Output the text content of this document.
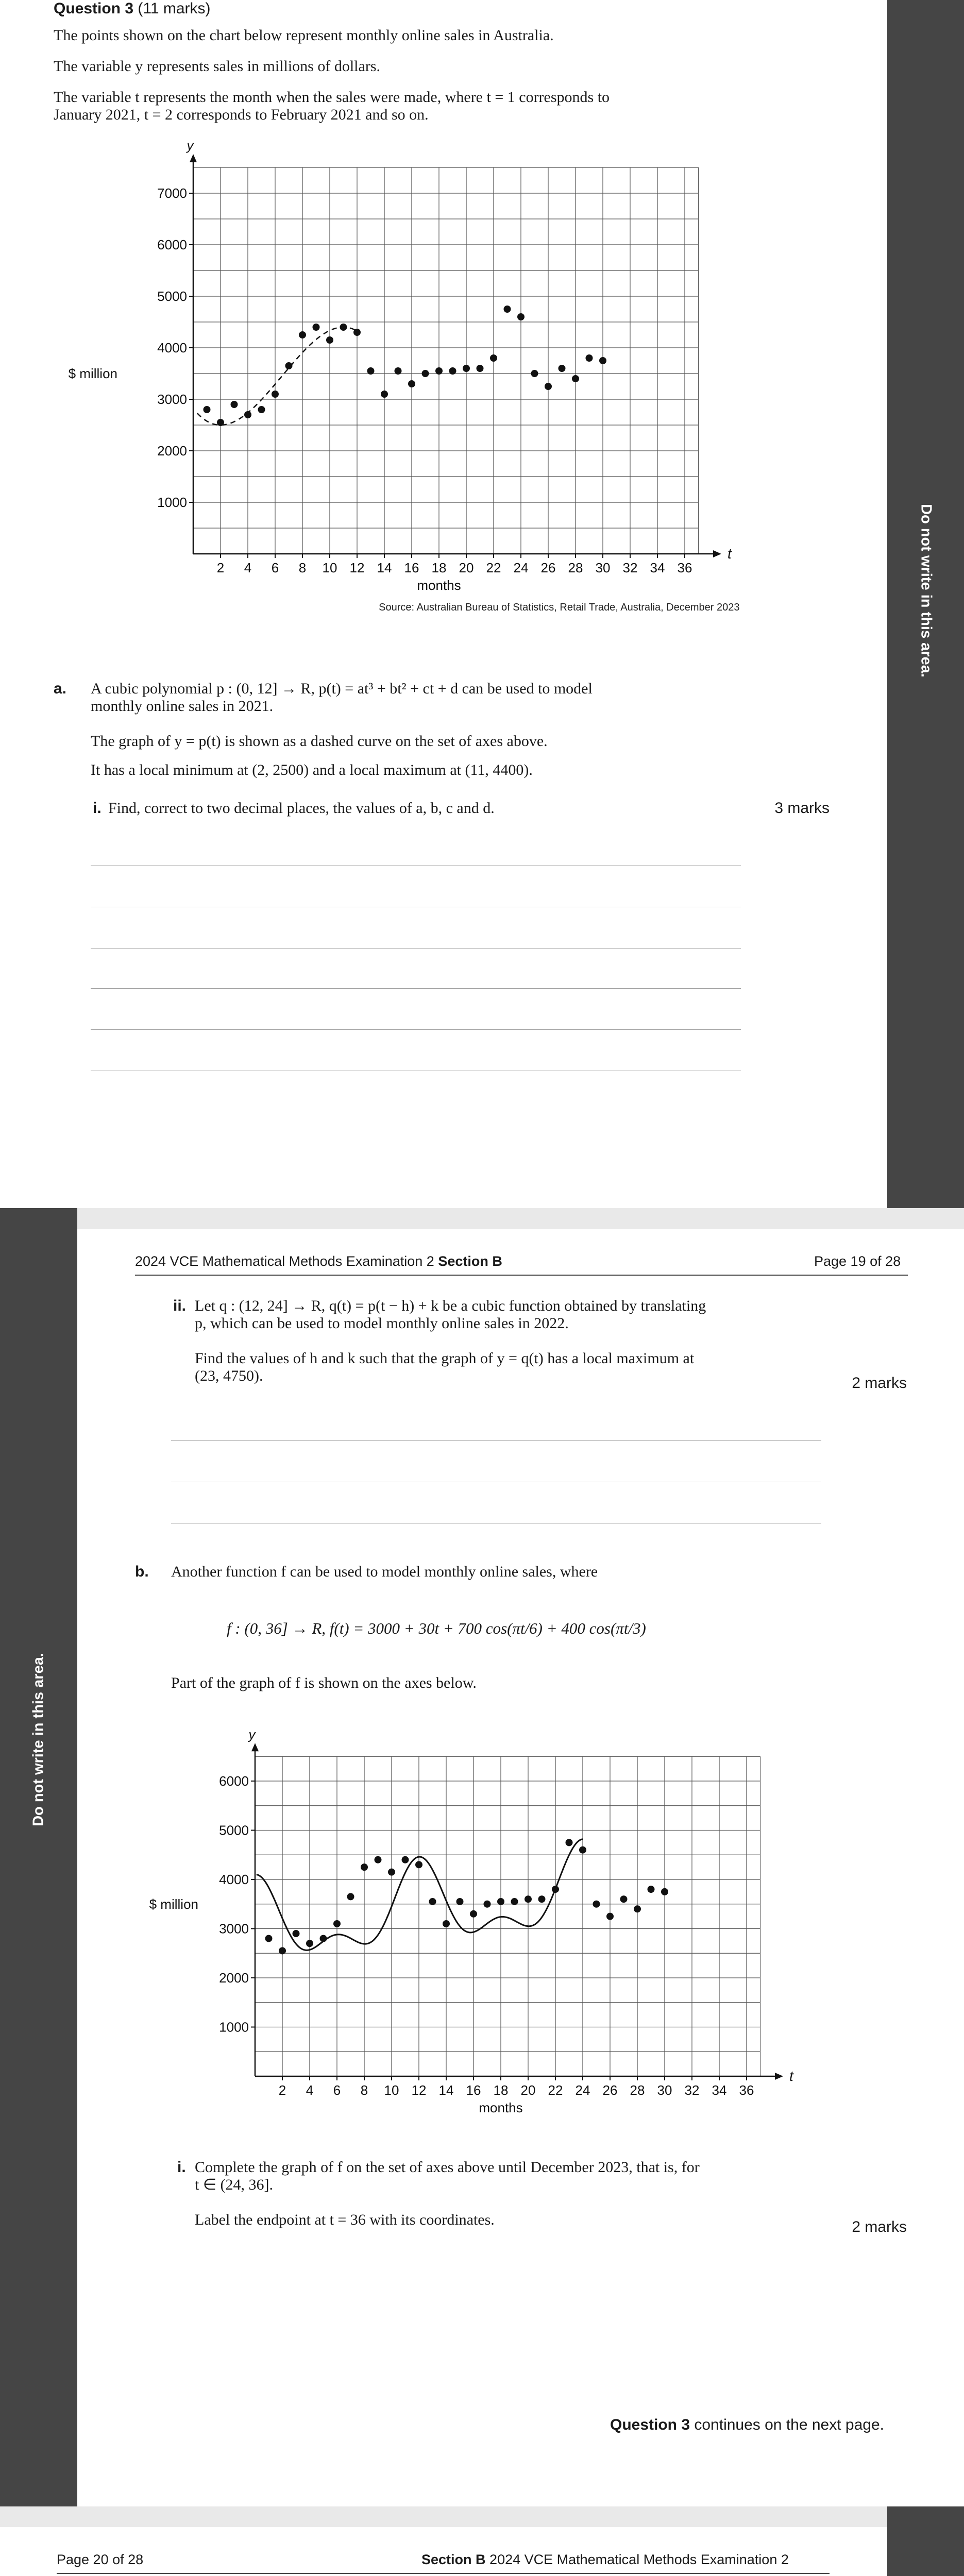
Do not write in this area.
Question 3 (11 marks)
The points shown on the chart below represent monthly online sales in Australia.
The variable y represents sales in millions of dollars.
The variable t represents the month when the sales were made, where t = 1 corresponds to
January 2021, t = 2 corresponds to February 2021 and so on.
2 4 6 8 10 12 14 16 18 20 22 24 26 28 30 32 34 36
1000
2000
3000
4000
5000
6000
7000
y
t
$ million
months
Source: Australian Bureau of Statistics, Retail Trade, Australia, December 2023
a. A cubic polynomial p : (0, 12] → R, p(t) = at³ + bt² + ct + d can be used to model
monthly online sales in 2021.
The graph of y = p(t) is shown as a dashed curve on the set of axes above.
It has a local minimum at (2, 2500) and a local maximum at (11, 4400).
i. Find, correct to two decimal places, the values of a, b, c and d.	3 marks
Do not write in this area.
2024 VCE Mathematical Methods Examination 2 Section B	Page 19 of 28
ii. Let q : (12, 24] → R, q(t) = p(t − h) + k be a cubic function obtained by translating
p, which can be used to model monthly online sales in 2022.
Find the values of h and k such that the graph of y = q(t) has a local maximum at
(23, 4750).	2 marks
b. Another function f can be used to model monthly online sales, where
f : (0, 36] → R, f(t) = 3000 + 30t + 700 cos(πt/6) + 400 cos(πt/3)
Part of the graph of f is shown on the axes below.
2 4 6 8 10 12 14 16 18 20 22 24 26 28 30 32 34 36
1000
2000
3000
4000
5000
6000
y
t
$ million
months
i. Complete the graph of f on the set of axes above until December 2023, that is, for
t ∈ (24, 36].
Label the endpoint at t = 36 with its coordinates.	2 marks
Question 3 continues on the next page.
Page 20 of 28	Section B 2024 VCE Mathematical Methods Examination 2
